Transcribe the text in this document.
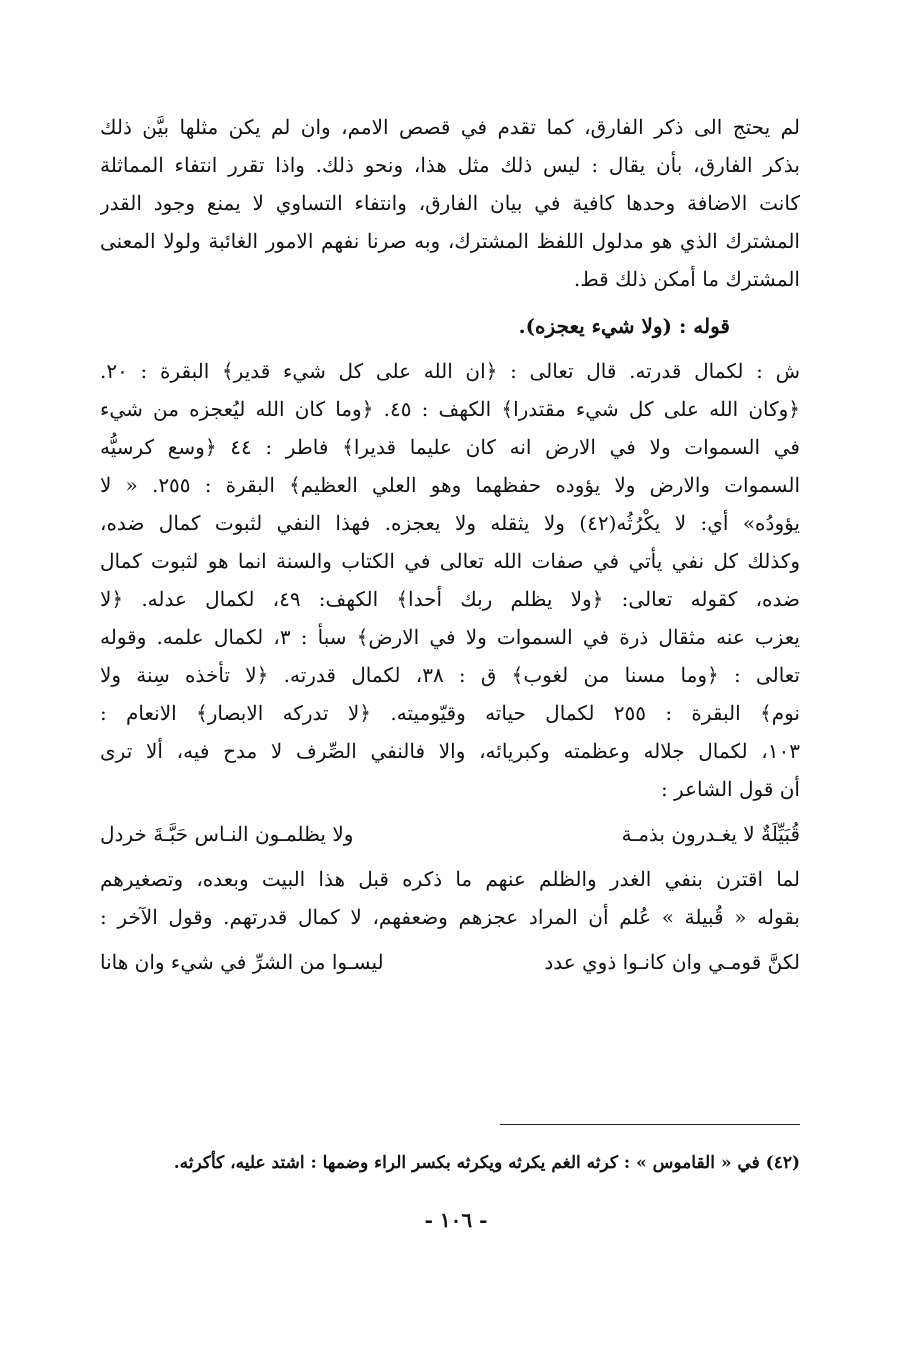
لم يحتج الى ذكر الفارق، كما تقدم في قصص الامم، وان لم يكن مثلها بيَّن ذلك
بذكر الفارق، بأن يقال : ليس ذلك مثل هذا، ونحو ذلك. واذا تقرر انتفاء المماثلة
كانت الاضافة وحدها كافية في بيان الفارق، وانتفاء التساوي لا يمنع وجود القدر
المشترك الذي هو مدلول اللفظ المشترك، وبه صرنا نفهم الامور الغائبة ولولا المعنى
المشترك ما أمكن ذلك قط.
قوله : (ولا شيء يعجزه).
ش : لكمال قدرته. قال تعالى : ﴿ان الله على كل شيء قدير﴾ البقرة : ٢٠.
﴿وكان الله على كل شيء مقتدرا﴾ الكهف : ٤٥. ﴿وما كان الله ليُعجزه من شيء
في السموات ولا في الارض انه كان عليما قديرا﴾ فاطر : ٤٤ ﴿وسع كرسيُّه
السموات والارض ولا يؤوده حفظهما وهو العلي العظيم﴾ البقرة : ٢٥٥. « لا
يؤودُه» أي: لا يكْرُثُه(٤٢) ولا يثقله ولا يعجزه. فهذا النفي لثبوت كمال ضده،
وكذلك كل نفي يأتي في صفات الله تعالى في الكتاب والسنة انما هو لثبوت كمال
ضده، كقوله تعالى: ﴿ولا يظلم ربك أحدا﴾ الكهف: ٤٩، لكمال عدله. ﴿لا
يعزب عنه مثقال ذرة في السموات ولا في الارض﴾ سبأ : ٣، لكمال علمه. وقوله
تعالى : ﴿وما مسنا من لغوب﴾ ق : ٣٨، لكمال قدرته. ﴿لا تأخذه سِنة ولا
نوم﴾ البقرة : ٢٥٥ لكمال حياته وقيّوميته. ﴿لا تدركه الابصار﴾ الانعام :
١٠٣، لكمال جلاله وعظمته وكبريائه، والا فالنفي الصِّرف لا مدح فيه، ألا ترى
أن قول الشاعر :
قُبَيِّلَةٌ لا يغـدرون بذمـة
ولا يظلمـون النـاس حَبَّـةَ خردل
لما اقترن بنفي الغدر والظلم عنهم ما ذكره قبل هذا البيت وبعده، وتصغيرهم
بقوله « قُبيلة » عُلم أن المراد عجزهم وضعفهم، لا كمال قدرتهم. وقول الآخر :
لكنَّ قومـي وان كانـوا ذوي عدد
ليسـوا من الشرِّ في شيء وان هانا
(٤٢) في « القاموس » : كرثه الغم يكرثه ويكرثه بكسر الراء وضمها : اشتد عليه، كأكرثه.
- ١٠٦ -
